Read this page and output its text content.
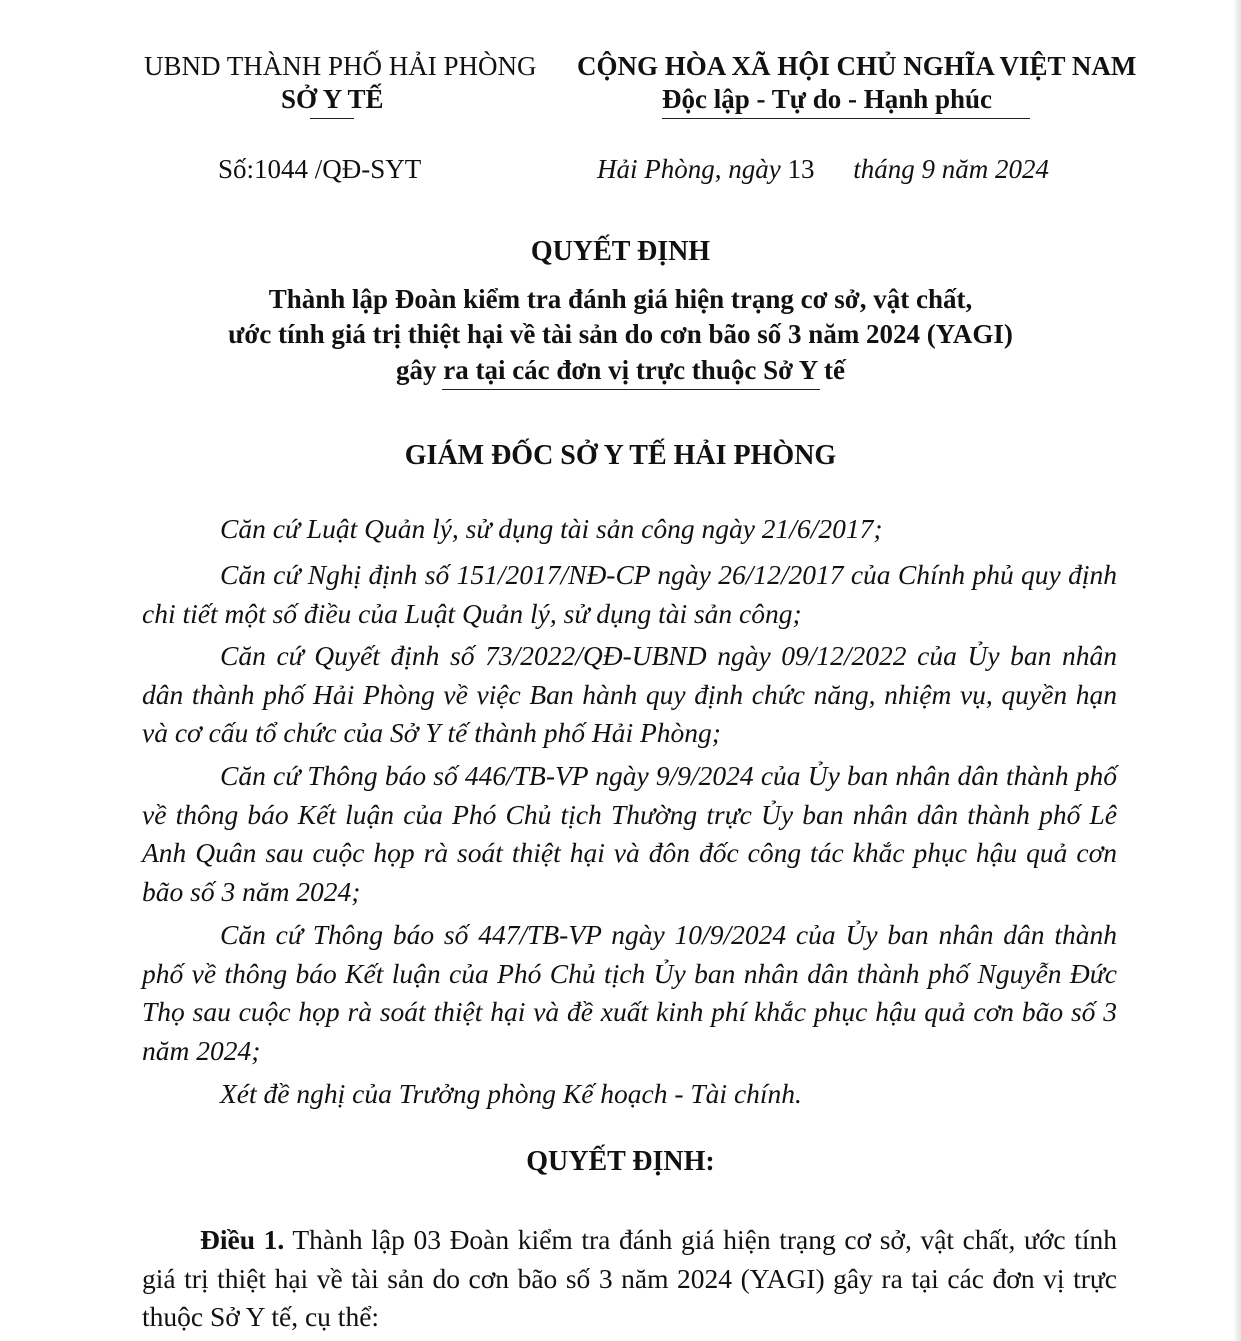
UBND THÀNH PHỐ HẢI PHÒNG
SỞ Y TẾ
CỘNG HÒA XÃ HỘI CHỦ NGHĨA VIỆT NAM
Độc lập - Tự do - Hạnh phúc
Số:1044 /QĐ-SYT	Hải Phòng, ngày 13 tháng 9 năm 2024
QUYẾT ĐỊNH
Thành lập Đoàn kiểm tra đánh giá hiện trạng cơ sở, vật chất,
ước tính giá trị thiệt hại về tài sản do cơn bão số 3 năm 2024 (YAGI)
gây ra tại các đơn vị trực thuộc Sở Y tế
GIÁM ĐỐC SỞ Y TẾ HẢI PHÒNG
Căn cứ Luật Quản lý, sử dụng tài sản công ngày 21/6/2017;
Căn cứ Nghị định số 151/2017/NĐ-CP ngày 26/12/2017 của Chính phủ quy định chi tiết một số điều của Luật Quản lý, sử dụng tài sản công;
Căn cứ Quyết định số 73/2022/QĐ-UBND ngày 09/12/2022 của Ủy ban nhân dân thành phố Hải Phòng về việc Ban hành quy định chức năng, nhiệm vụ, quyền hạn và cơ cấu tổ chức của Sở Y tế thành phố Hải Phòng;
Căn cứ Thông báo số 446/TB-VP ngày 9/9/2024 của Ủy ban nhân dân thành phố về thông báo Kết luận của Phó Chủ tịch Thường trực Ủy ban nhân dân thành phố Lê Anh Quân sau cuộc họp rà soát thiệt hại và đôn đốc công tác khắc phục hậu quả cơn bão số 3 năm 2024;
Căn cứ Thông báo số 447/TB-VP ngày 10/9/2024 của Ủy ban nhân dân thành phố về thông báo Kết luận của Phó Chủ tịch Ủy ban nhân dân thành phố Nguyễn Đức Thọ sau cuộc họp rà soát thiệt hại và đề xuất kinh phí khắc phục hậu quả cơn bão số 3 năm 2024;
Xét đề nghị của Trưởng phòng Kế hoạch - Tài chính.
QUYẾT ĐỊNH:
Điều 1. Thành lập 03 Đoàn kiểm tra đánh giá hiện trạng cơ sở, vật chất, ước tính giá trị thiệt hại về tài sản do cơn bão số 3 năm 2024 (YAGI) gây ra tại các đơn vị trực thuộc Sở Y tế, cụ thể:
